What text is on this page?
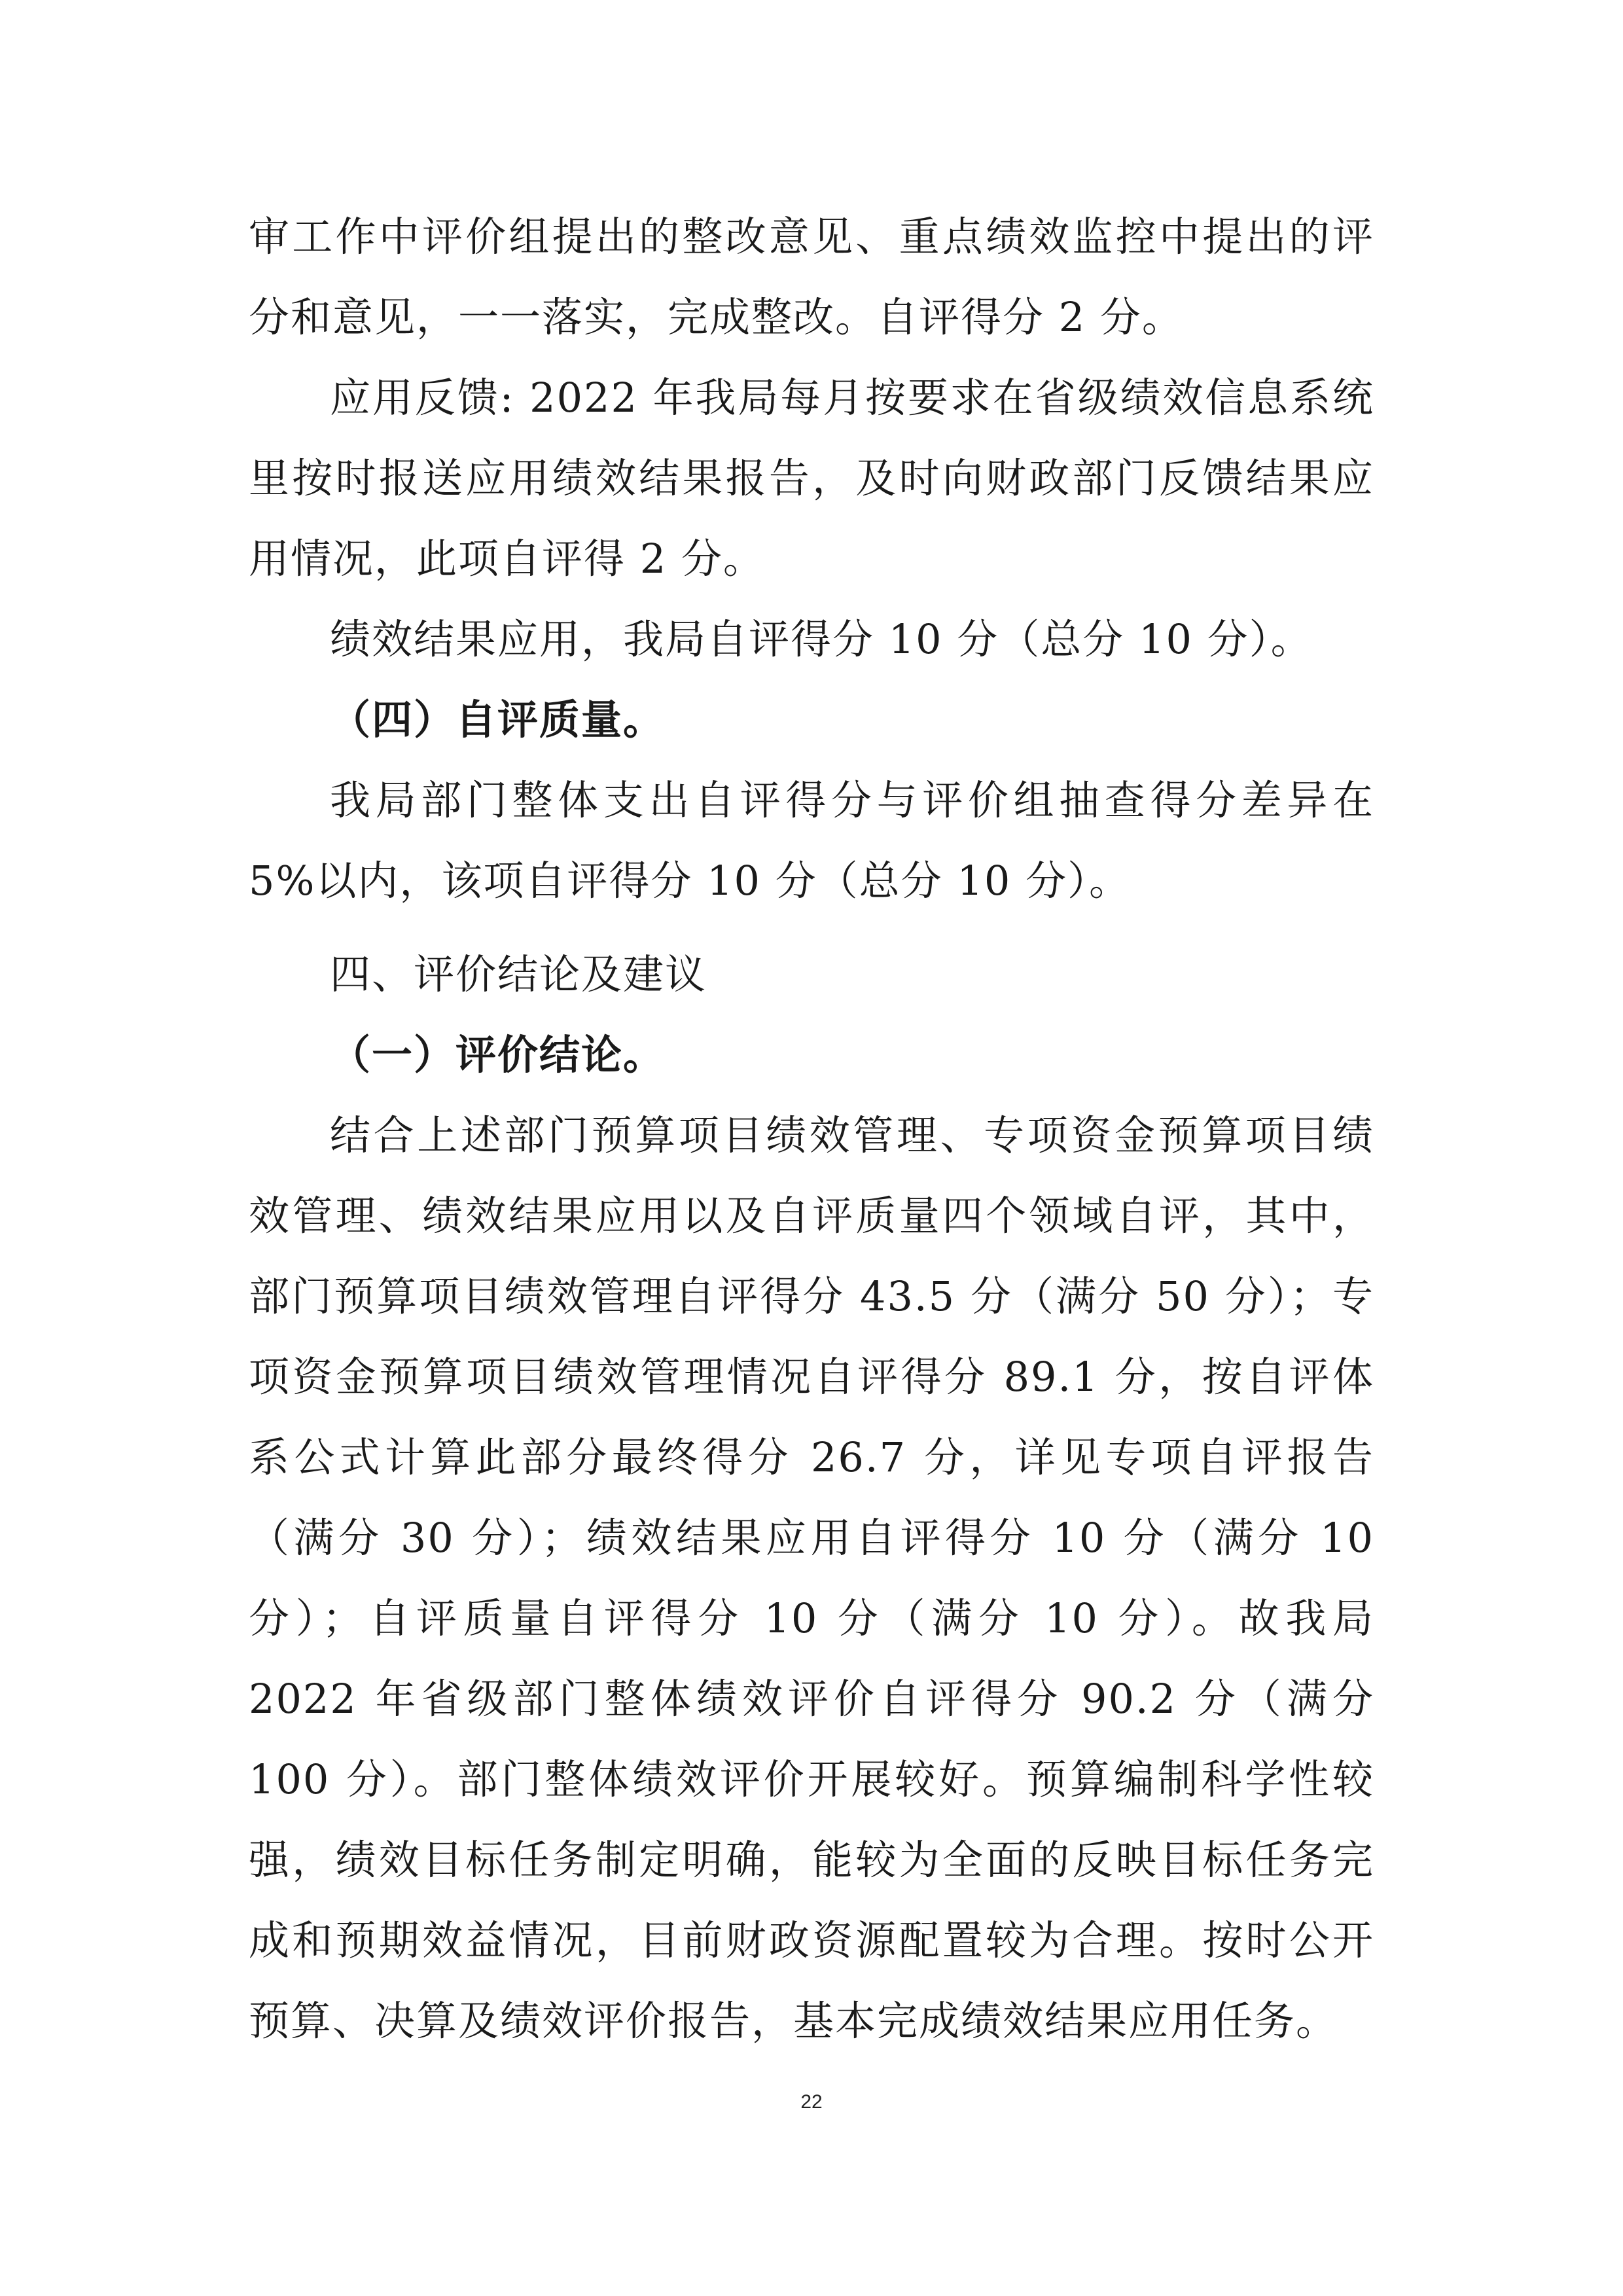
审工作中评价组提出的整改意见、重点绩效监控中提出的评分和意见，一一落实，完成整改。自评得分 2 分。

应用反馈: 2022 年我局每月按要求在省级绩效信息系统里按时报送应用绩效结果报告，及时向财政部门反馈结果应用情况，此项自评得 2 分。

绩效结果应用，我局自评得分 10 分（总分 10 分）。

（四）自评质量。

我局部门整体支出自评得分与评价组抽查得分差异在 5%以内，该项自评得分 10 分（总分 10 分）。

四、评价结论及建议

（一）评价结论。

结合上述部门预算项目绩效管理、专项资金预算项目绩效管理、绩效结果应用以及自评质量四个领域自评，其中，部门预算项目绩效管理自评得分 43.5 分（满分 50 分）；专项资金预算项目绩效管理情况自评得分 89.1 分，按自评体系公式计算此部分最终得分 26.7 分，详见专项自评报告（满分 30 分）；绩效结果应用自评得分 10 分（满分 10 分）；自评质量自评得分 10 分（满分 10 分）。故我局 2022 年省级部门整体绩效评价自评得分 90.2 分（满分 100 分）。部门整体绩效评价开展较好。预算编制科学性较强，绩效目标任务制定明确，能较为全面的反映目标任务完成和预期效益情况，目前财政资源配置较为合理。按时公开预算、决算及绩效评价报告，基本完成绩效结果应用任务。

22
